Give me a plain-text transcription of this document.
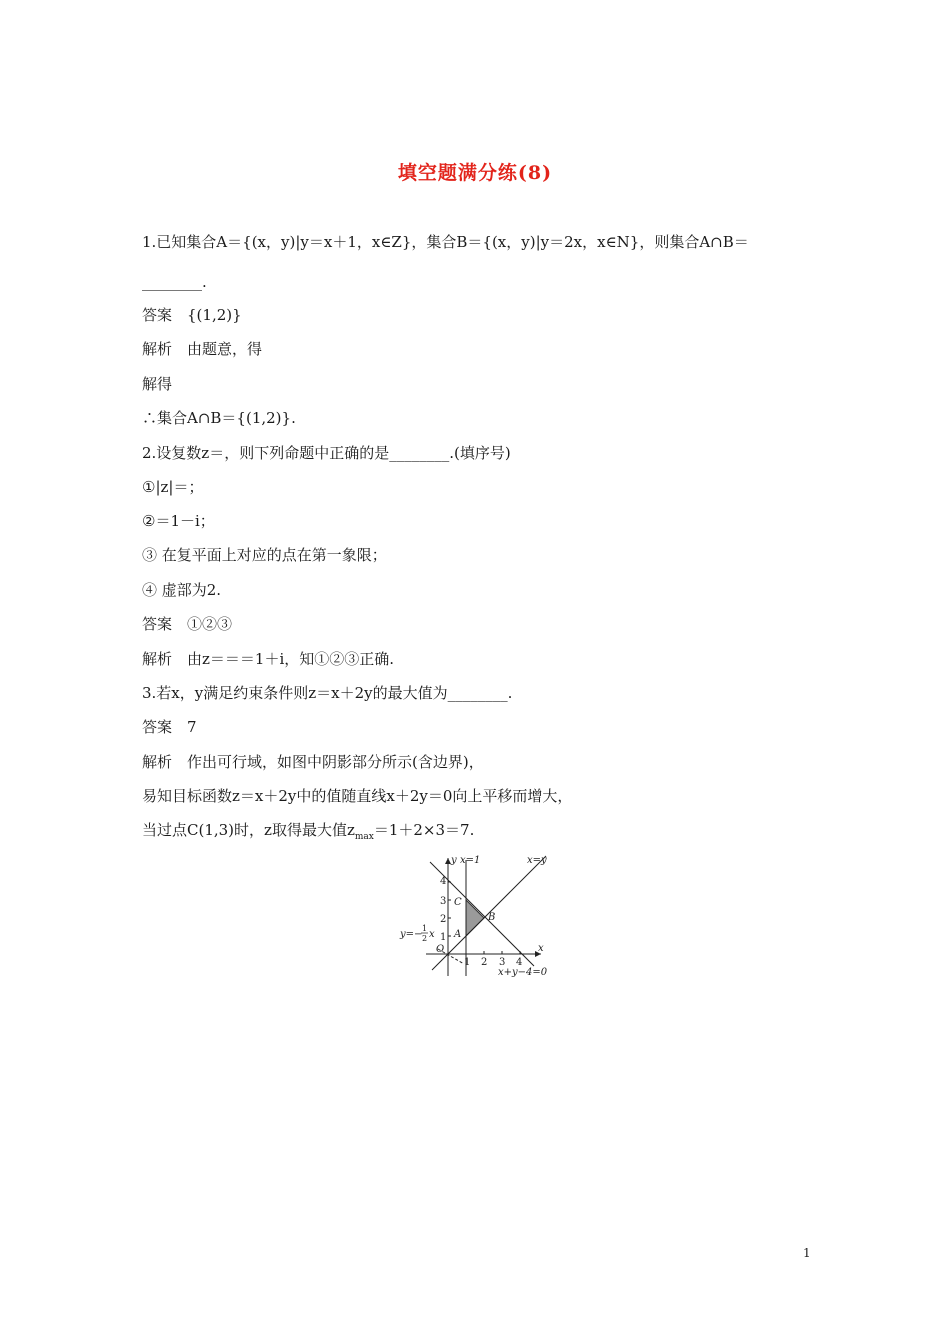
填空题满分练(8)
1.已知集合A＝{(x，y)|y＝x＋1，x∈Z}，集合B＝{(x，y)|y＝2x，x∈N}，则集合A∩B＝
________.
答案　{(1,2)}
解析　由题意，得
解得
∴集合A∩B＝{(1,2)}.
2.设复数z＝，则下列命题中正确的是________.(填序号)
①|z|＝；
②＝1－i；
③ 在复平面上对应的点在第一象限；
④ 虚部为2.
答案　①②③
解析　由z＝＝＝1＋i，知①②③正确.
3.若x，y满足约束条件则z＝x＋2y的最大值为________.
答案　7
解析　作出可行域，如图中阴影部分所示(含边界)，
易知目标函数z＝x＋2y中的值随直线x＋2y＝0向上平移而增大，
当过点C(1,3)时，z取得最大值$z_{max}=1+2\times 3=7$.
1 2 3 4
1
2
3
4
x
y x=1	x=y
x+y−4=0
y=−
1
2 x
O
A
B
C
1
